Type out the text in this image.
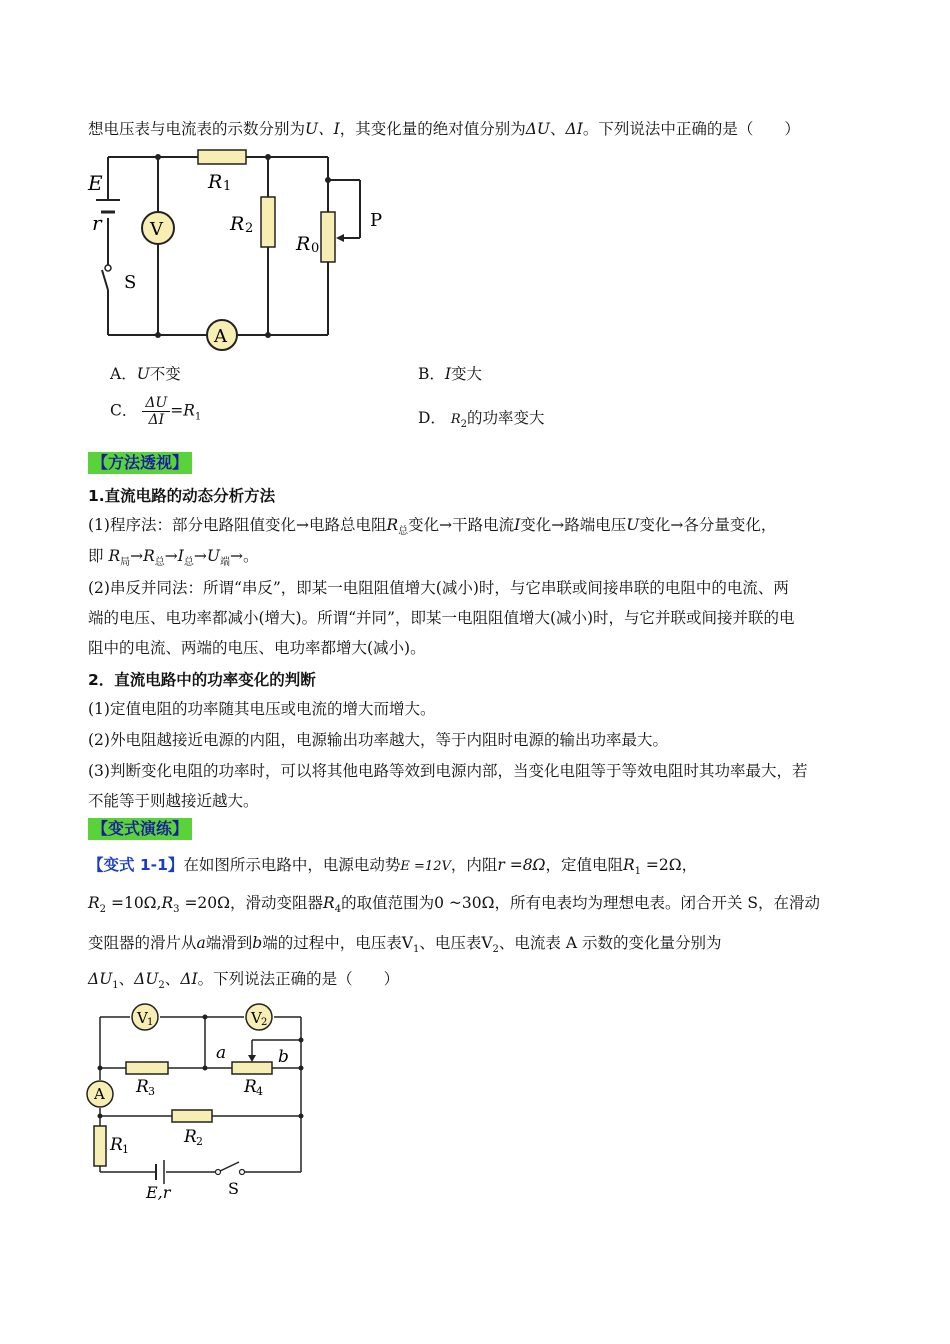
想电压表与电流表的示数分别为U、I，其变化量的绝对值分别为ΔU、ΔI。下列说法中正确的是（　　）
E
r
S
V
A
R 1
R 2
R 0
P
A．U不变	B．I变大
C． $\frac{\Delta U}{\Delta I} =R_1$	D． $R_2$的功率变大
【方法透视】
1.直流电路的动态分析方法
(1)程序法：部分电路阻值变化→电路总电阻$R_总$变化→干路电流I变化→路端电压U变化→各分量变化，
即 $R_局\to R_总\to I_总\to U_端\to$。
(2)串反并同法：所谓“串反”，即某一电阻阻值增大(减小)时，与它串联或间接串联的电阻中的电流、两
端的电压、电功率都减小(增大)。所谓“并同”，即某一电阻阻值增大(减小)时，与它并联或间接并联的电
阻中的电流、两端的电压、电功率都增大(减小)。
2．直流电路中的功率变化的判断
(1)定值电阻的功率随其电压或电流的增大而增大。
(2)外电阻越接近电源的内阻，电源输出功率越大，等于内阻时电源的输出功率最大。
(3)判断变化电阻的功率时，可以将其他电路等效到电源内部，当变化电阻等于等效电阻时其功率最大，若
不能等于则越接近越大。
【变式演练】
【变式 1-1】在如图所示电路中，电源电动势E =12V，内阻r =8Ω，定值电阻$R_1 =2\Omega$，
$R_2 =10\Omega,R_3 =20\Omega$，滑动变阻器$R_4$的取值范围为0 ~30Ω，所有电表均为理想电表。闭合开关 S，在滑动
变阻器的滑片从a端滑到b端的过程中，电压表$V_1$、电压表$V_2$、电流表 A 示数的变化量分别为
$\Delta U_1$、$\Delta U_2$、ΔI。下列说法正确的是（　　）
V 1	V 2
a	b
R 3	R 4
A
R 2
R 1
E,r	S
